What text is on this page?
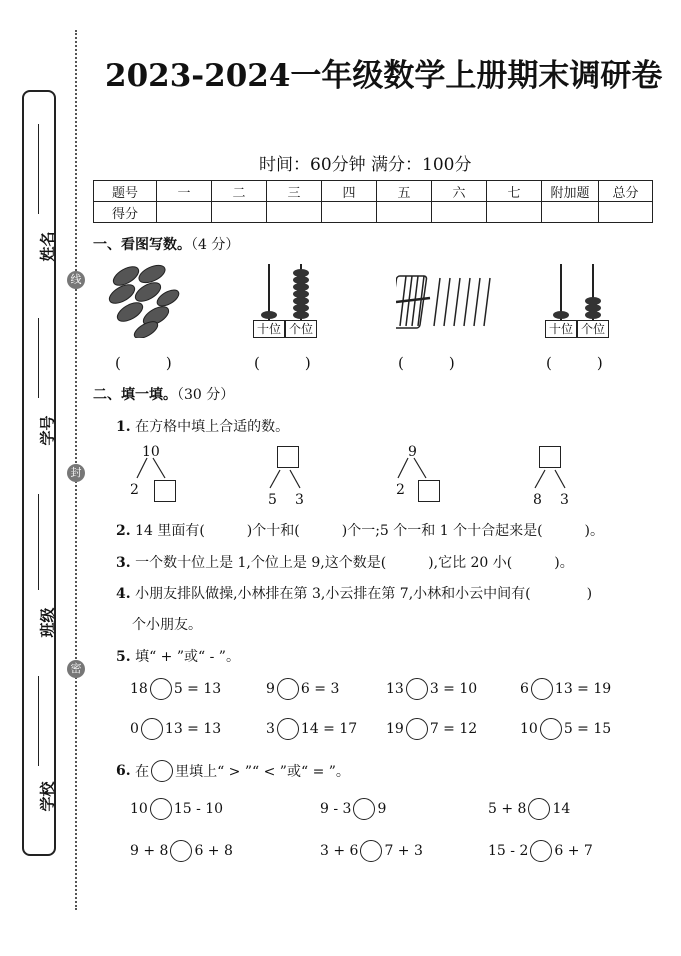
姓名
学号
班级
学校
线
封
密
2023-2024一年级数学上册期末调研卷
时间：60分钟 满分：100分
题号	一	二	三	四	五	六	七	附加题	总分
得分									
一、看图写数。（4 分）
十位 个位	十位 个位
(　　　)	(　　　)	(　　　)	(　　　)
二、填一填。（30 分）
1. 在方格中填上合适的数。
10
2
5 3
9
2
8 3
2. 14 里面有(　　　)个十和(　　　)个一;5 个一和 1 个十合起来是(　　　)。
3. 一个数十位上是 1,个位上是 9,这个数是(　　　),它比 20 小(　　　)。
4. 小朋友排队做操,小林排在第 3,小云排在第 7,小林和小云中间有(　　　　)
个小朋友。
5. 填“ + ”或“ - ”。
18 5 = 13	9 6 = 3	13 3 = 10	6 13 = 19
0 13 = 13	3 14 = 17 19 7 = 12	10 5 = 15
6.
在 里填上“ > ”“ < ”或“ = ”。
10 15 - 10	9 - 3 9	5 + 8 14
9 + 8 6 + 8	3 + 6 7 + 3	15 - 2 6 + 7
